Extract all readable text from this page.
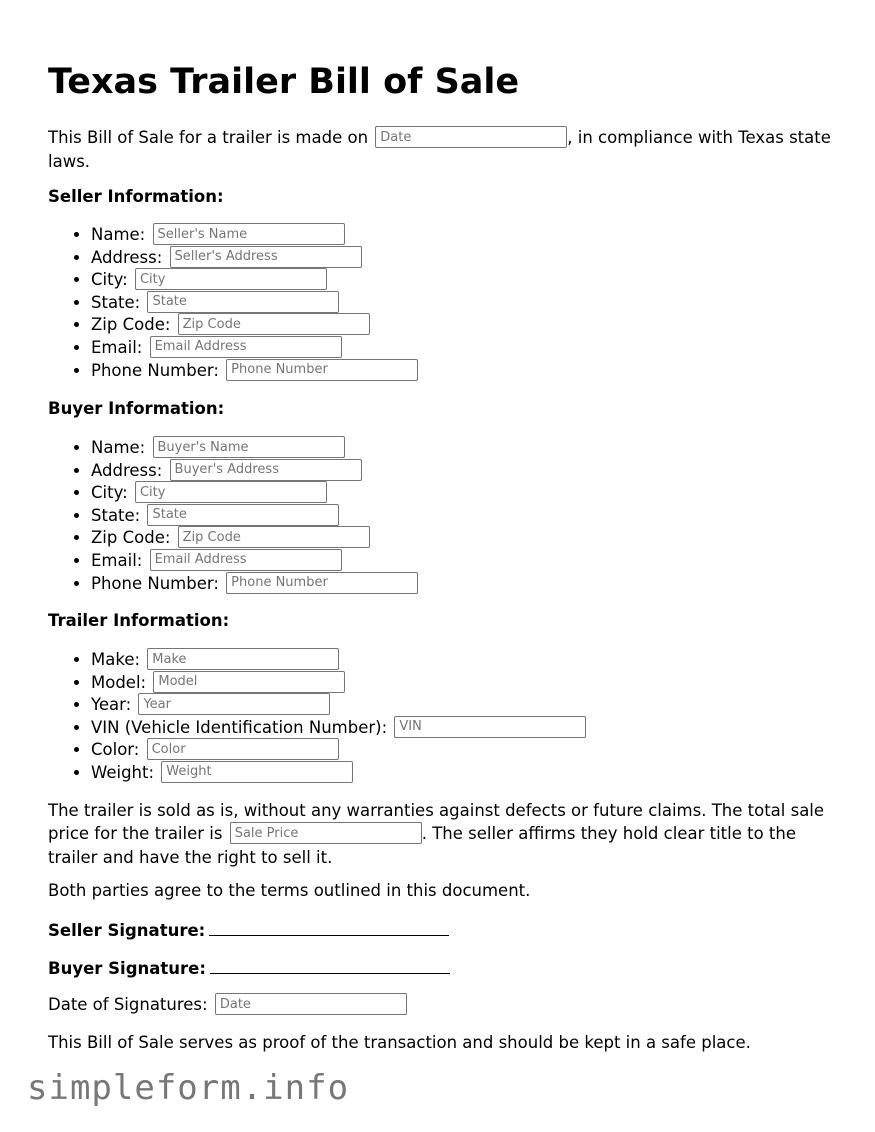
Texas Trailer Bill of Sale
This Bill of Sale for a trailer is made on Date	, in compliance with Texas state laws.
Seller Information:
• Name: Seller's Name
• Address: Seller's Address
• City: City
• State: State
• Zip Code: Zip Code
• Email: Email Address
• Phone Number: Phone Number
Buyer Information:
• Name: Buyer's Name
• Address: Buyer's Address
• City: City
• State: State
• Zip Code: Zip Code
• Email: Email Address
• Phone Number: Phone Number
Trailer Information:
• Make: Make
• Model: Model
• Year: Year
• VIN (Vehicle Identification Number): VIN
• Color: Color
• Weight: Weight
The trailer is sold as is, without any warranties against defects or future claims. The total sale price for the trailer is Sale Price	. The seller affirms they hold clear title to the trailer and have the right to sell it.
Both parties agree to the terms outlined in this document.
Seller Signature:
Buyer Signature:
Date of Signatures: Date
This Bill of Sale serves as proof of the transaction and should be kept in a safe place.
simpleform.info
